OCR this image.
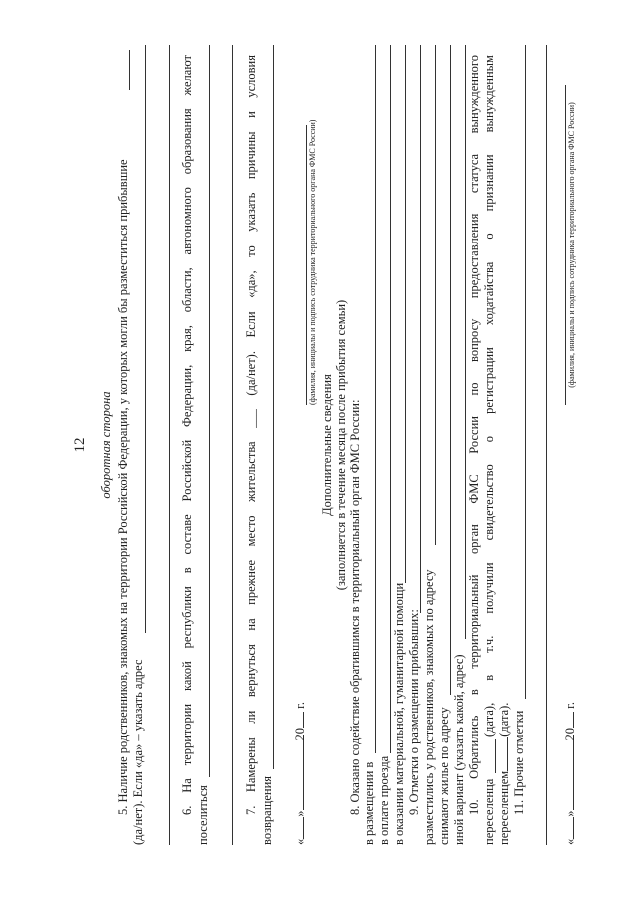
12 оборотная сторона 5. Наличие родственников, знакомых на территории Российской Федерации, у которых могли бы разместиться прибывшие (да/нет). Если «да» – указать адрес	6.
На
территории
какой
республики
в
составе
Российской
Федерации,
края,
области,
автономного
образования
желают
поселиться	7.
Намерены
ли
вернуться
на
прежнее
место
жительства
___
(да/нет).
Если
«да»,
то
указать
причины
и
условия
возвращения «»20 г.
(фамилия, инициалы и подпись сотрудника территориального органа ФМС России)
Дополнительные сведения (заполняется в течение месяца после прибытия семьи) 8. Оказано содействие обратившимся в территориальный орган ФМС России: в размещении в в оплате проезда в оказании материальной, гуманитарной помощи 9. Отметки о размещении прибывших: разместились у родственников, знакомых по адресу снимают жилье по адресу иной вариант (указать какой, адрес) 10.
Обратились
в
территориальный
орган
ФМС
России
по
вопросу
предоставления
статуса
вынужденного
переселенца
(дата),
в
т.ч.
получили
свидетельство
о
регистрации
ходатайства
о
признании
вынужденным
переселенцем(дата). 11. Прочие отметки
«»20 г.
(фамилия, инициалы и подпись сотрудника территориального органа ФМС России)
